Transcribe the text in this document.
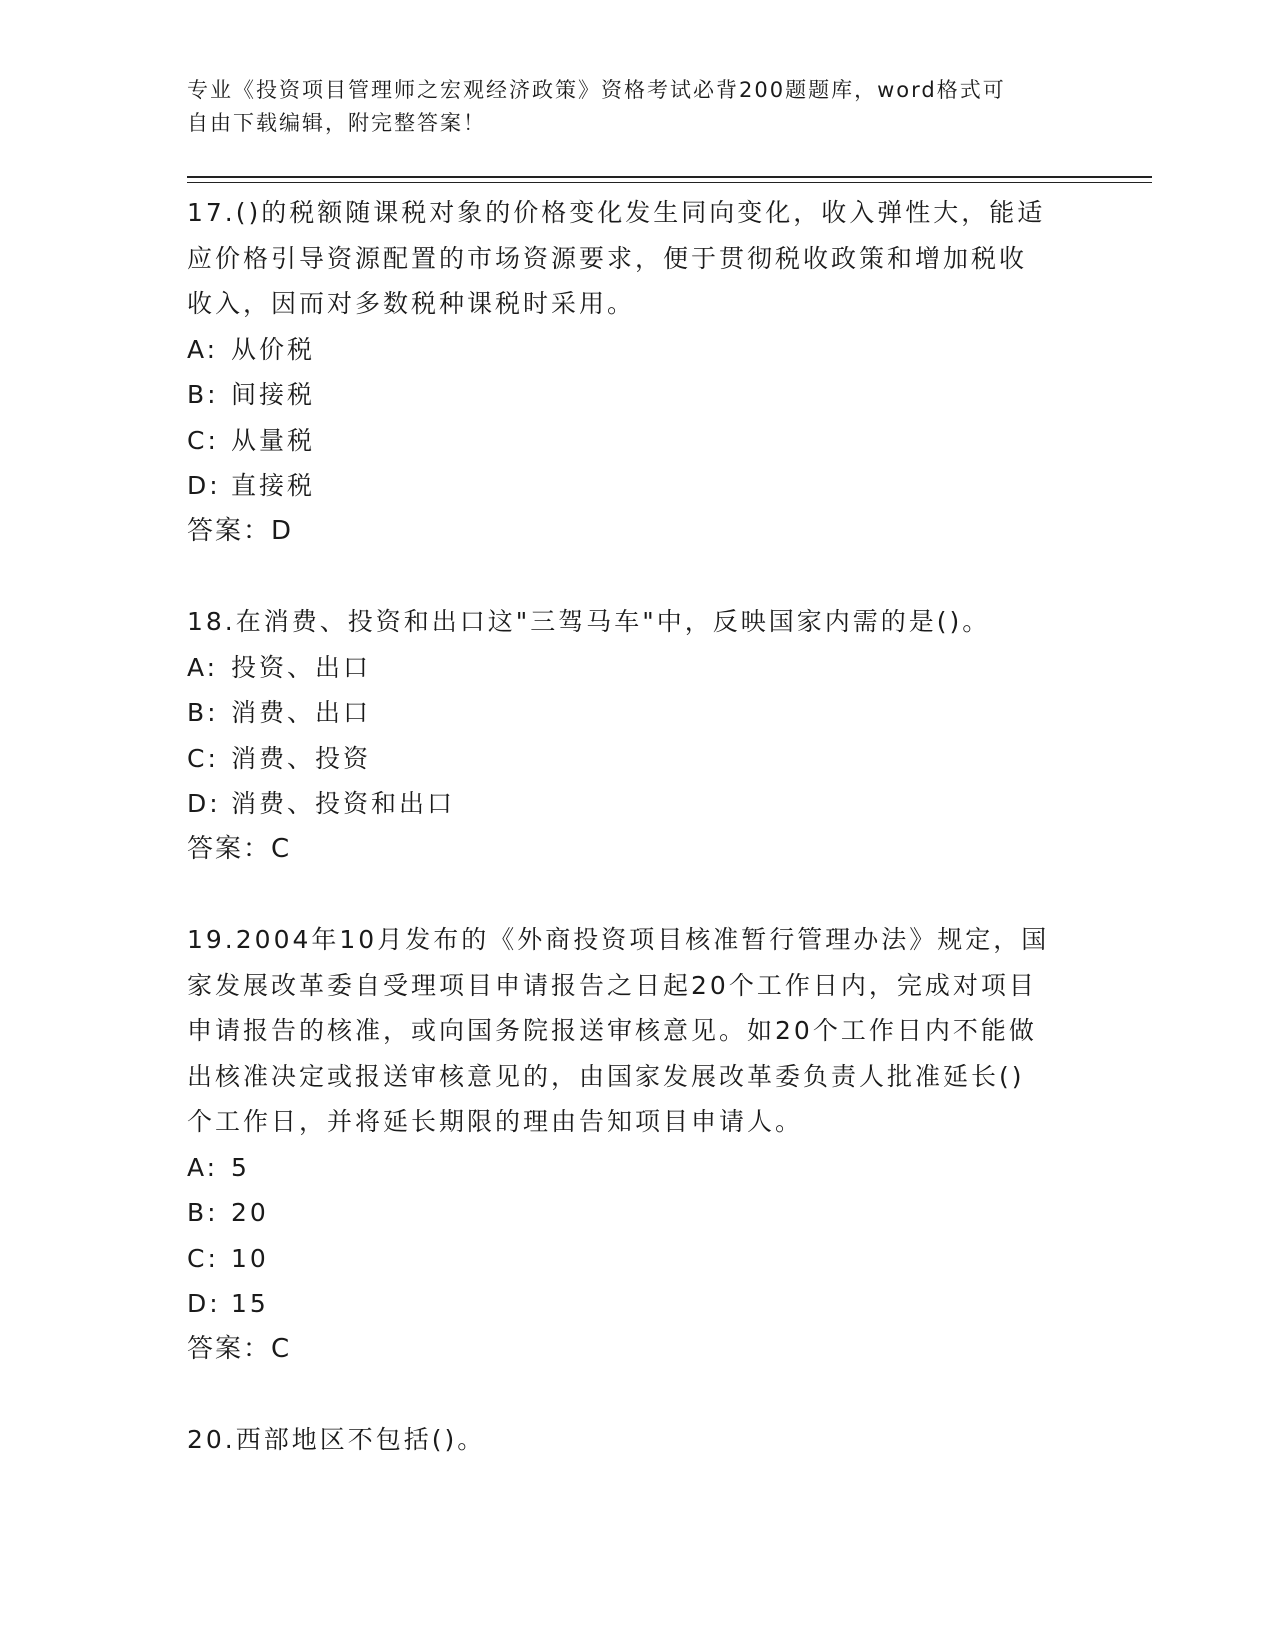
专业《投资项目管理师之宏观经济政策》资格考试必背200题题库，word格式可
自由下载编辑，附完整答案！
17.()的税额随课税对象的价格变化发生同向变化，收入弹性大，能适
应价格引导资源配置的市场资源要求，便于贯彻税收政策和增加税收
收入，因而对多数税种课税时采用。
A: 从价税
B: 间接税
C: 从量税
D: 直接税
答案：D
18.在消费、投资和出口这"三驾马车"中，反映国家内需的是()。
A: 投资、出口
B: 消费、出口
C: 消费、投资
D: 消费、投资和出口
答案：C
19.2004年10月发布的《外商投资项目核准暂行管理办法》规定，国
家发展改革委自受理项目申请报告之日起20个工作日内，完成对项目
申请报告的核准，或向国务院报送审核意见。如20个工作日内不能做
出核准决定或报送审核意见的，由国家发展改革委负责人批准延长()
个工作日，并将延长期限的理由告知项目申请人。
A: 5
B: 20
C: 10
D: 15
答案：C
20.西部地区不包括()。
